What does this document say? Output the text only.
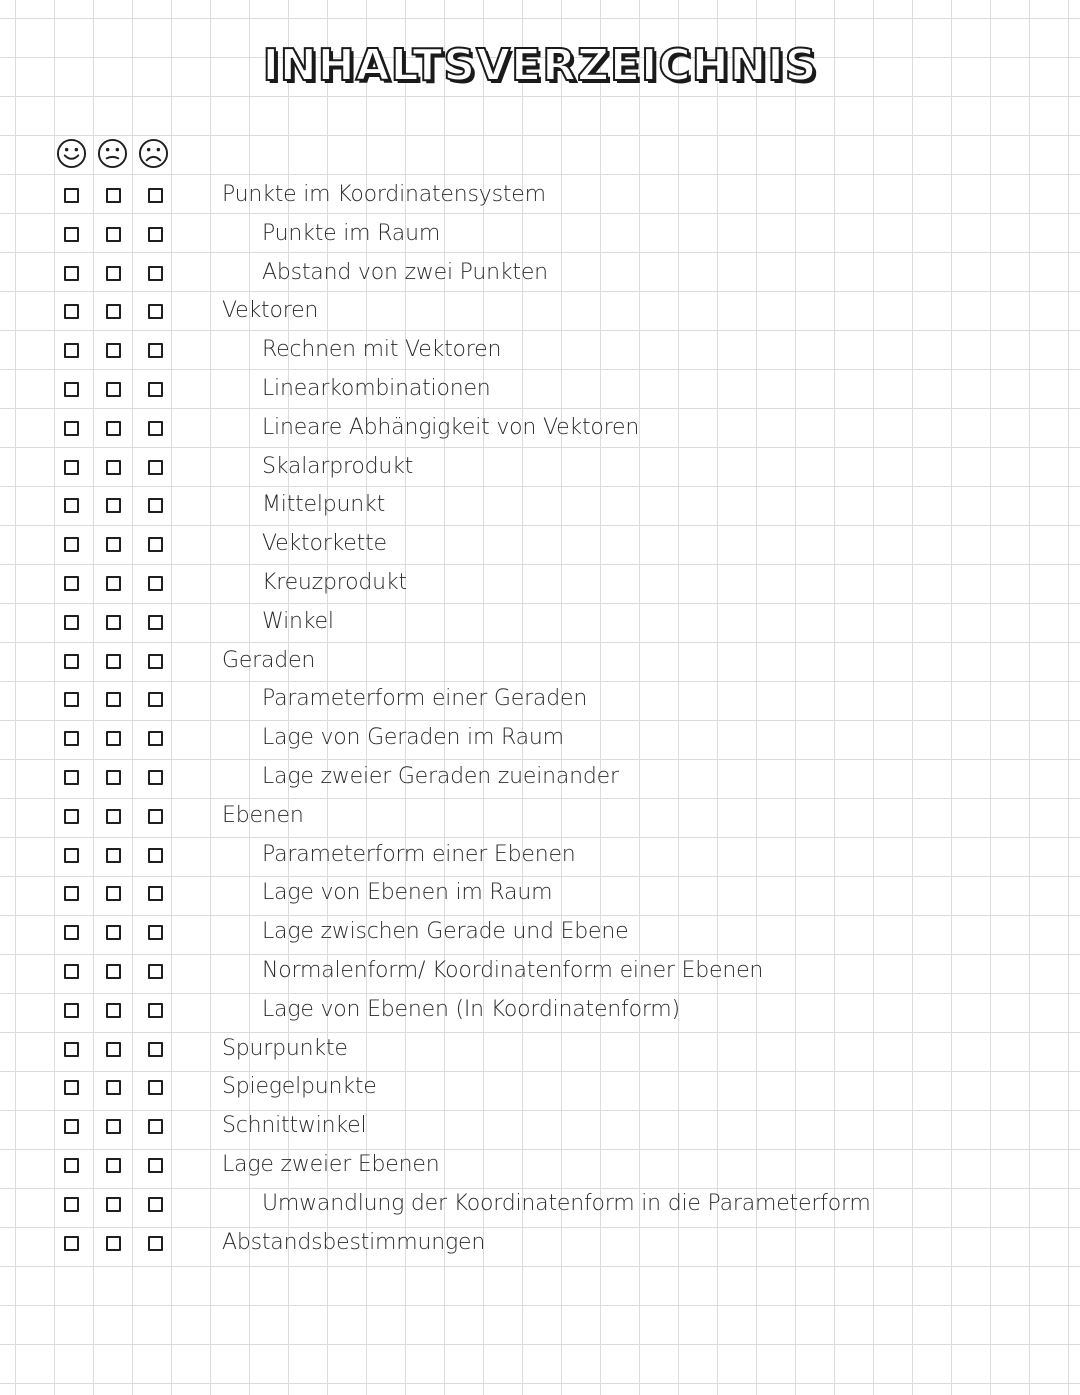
INHALTSVERZEICHNIS
Punkte im Koordinatensystem
Punkte im Raum
Abstand von zwei Punkten
Vektoren
Rechnen mit Vektoren
Linearkombinationen
Lineare Abhängigkeit von Vektoren
Skalarprodukt
Mittelpunkt
Vektorkette
Kreuzprodukt
Winkel
Geraden
Parameterform einer Geraden
Lage von Geraden im Raum
Lage zweier Geraden zueinander
Ebenen
Parameterform einer Ebenen
Lage von Ebenen im Raum
Lage zwischen Gerade und Ebene
Normalenform/ Koordinatenform einer Ebenen
Lage von Ebenen (In Koordinatenform)
Spurpunkte
Spiegelpunkte
Schnittwinkel
Lage zweier Ebenen
Umwandlung der Koordinatenform in die Parameterform
Abstandsbestimmungen
